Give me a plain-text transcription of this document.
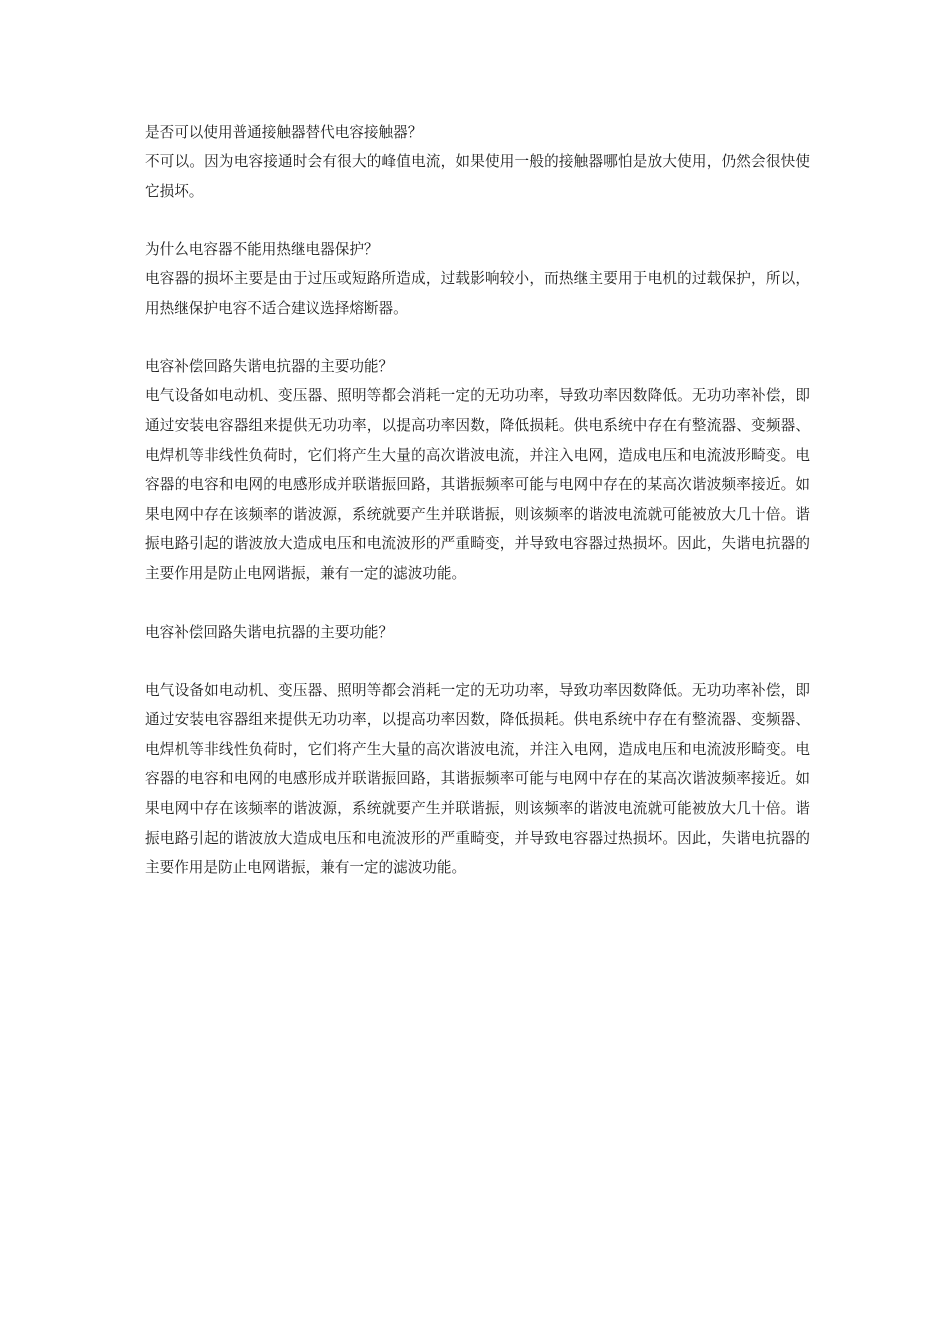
是否可以使用普通接触器替代电容接触器？

不可以。因为电容接通时会有很大的峰值电流，如果使用一般的接触器哪怕是放大使用，仍然会很快使它损坏。

为什么电容器不能用热继电器保护？

电容器的损坏主要是由于过压或短路所造成，过载影响较小，而热继主要用于电机的过载保护，所以，用热继保护电容不适合建议选择熔断器。

电容补偿回路失谐电抗器的主要功能？

电气设备如电动机、变压器、照明等都会消耗一定的无功功率，导致功率因数降低。无功功率补偿，即通过安装电容器组来提供无功功率，以提高功率因数，降低损耗。供电系统中存在有整流器、变频器、电焊机等非线性负荷时，它们将产生大量的高次谐波电流，并注入电网，造成电压和电流波形畸变。电容器的电容和电网的电感形成并联谐振回路，其谐振频率可能与电网中存在的某高次谐波频率接近。如果电网中存在该频率的谐波源，系统就要产生并联谐振，则该频率的谐波电流就可能被放大几十倍。谐振电路引起的谐波放大造成电压和电流波形的严重畸变，并导致电容器过热损坏。因此，失谐电抗器的主要作用是防止电网谐振，兼有一定的滤波功能。

电容补偿回路失谐电抗器的主要功能？

电气设备如电动机、变压器、照明等都会消耗一定的无功功率，导致功率因数降低。无功功率补偿，即通过安装电容器组来提供无功功率，以提高功率因数，降低损耗。供电系统中存在有整流器、变频器、电焊机等非线性负荷时，它们将产生大量的高次谐波电流，并注入电网，造成电压和电流波形畸变。电容器的电容和电网的电感形成并联谐振回路，其谐振频率可能与电网中存在的某高次谐波频率接近。如果电网中存在该频率的谐波源，系统就要产生并联谐振，则该频率的谐波电流就可能被放大几十倍。谐振电路引起的谐波放大造成电压和电流波形的严重畸变，并导致电容器过热损坏。因此，失谐电抗器的主要作用是防止电网谐振，兼有一定的滤波功能。
